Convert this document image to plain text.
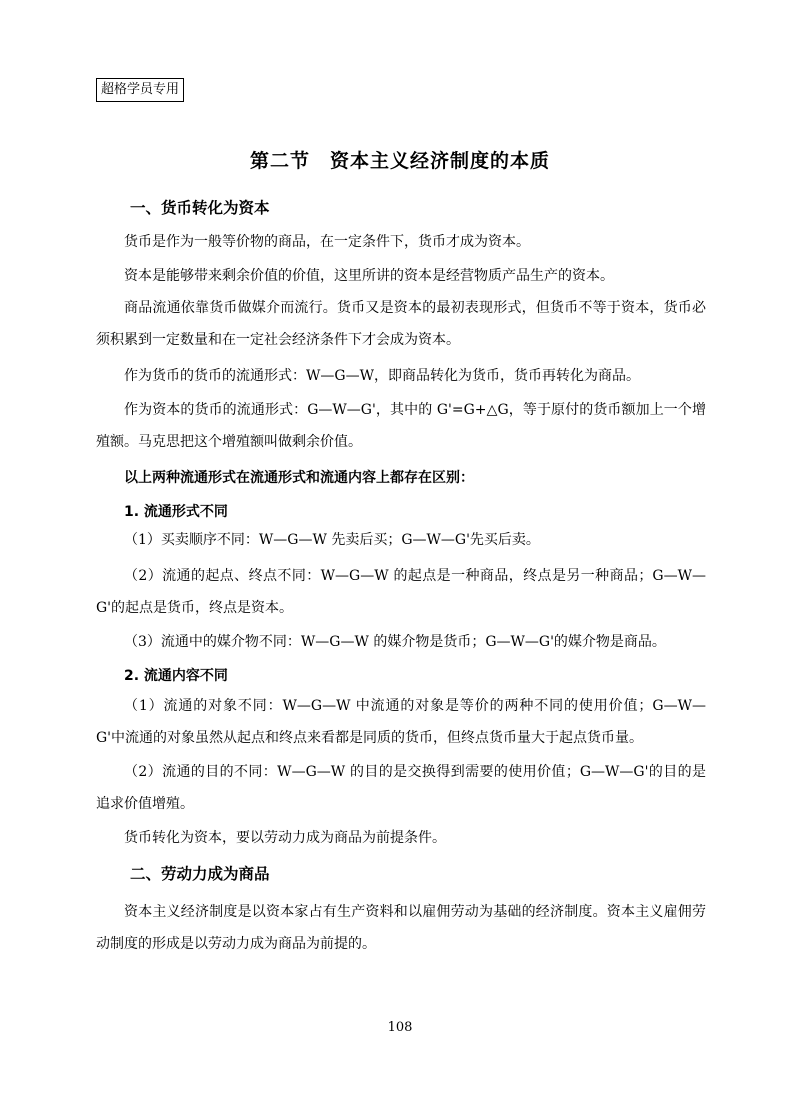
超格学员专用
第二节　资本主义经济制度的本质
一、货币转化为资本
货币是作为一般等价物的商品，在一定条件下，货币才成为资本。
资本是能够带来剩余价值的价值，这里所讲的资本是经营物质产品生产的资本。
商品流通依靠货币做媒介而流行。货币又是资本的最初表现形式，但货币不等于资本，货币必须积累到一定数量和在一定社会经济条件下才会成为资本。
作为货币的货币的流通形式：W—G—W，即商品转化为货币，货币再转化为商品。
作为资本的货币的流通形式：G—W—G'，其中的 G'=G+△G，等于原付的货币额加上一个增殖额。马克思把这个增殖额叫做剩余价值。
以上两种流通形式在流通形式和流通内容上都存在区别：
1. 流通形式不同
（1）买卖顺序不同：W—G—W 先卖后买；G—W—G'先买后卖。
（2）流通的起点、终点不同：W—G—W 的起点是一种商品，终点是另一种商品；G—W—G'的起点是货币，终点是资本。
（3）流通中的媒介物不同：W—G—W 的媒介物是货币；G—W—G'的媒介物是商品。
2. 流通内容不同
（1）流通的对象不同：W—G—W 中流通的对象是等价的两种不同的使用价值；G—W—G'中流通的对象虽然从起点和终点来看都是同质的货币，但终点货币量大于起点货币量。
（2）流通的目的不同：W—G—W 的目的是交换得到需要的使用价值；G—W—G'的目的是追求价值增殖。
货币转化为资本，要以劳动力成为商品为前提条件。
二、劳动力成为商品
资本主义经济制度是以资本家占有生产资料和以雇佣劳动为基础的经济制度。资本主义雇佣劳动制度的形成是以劳动力成为商品为前提的。
108
